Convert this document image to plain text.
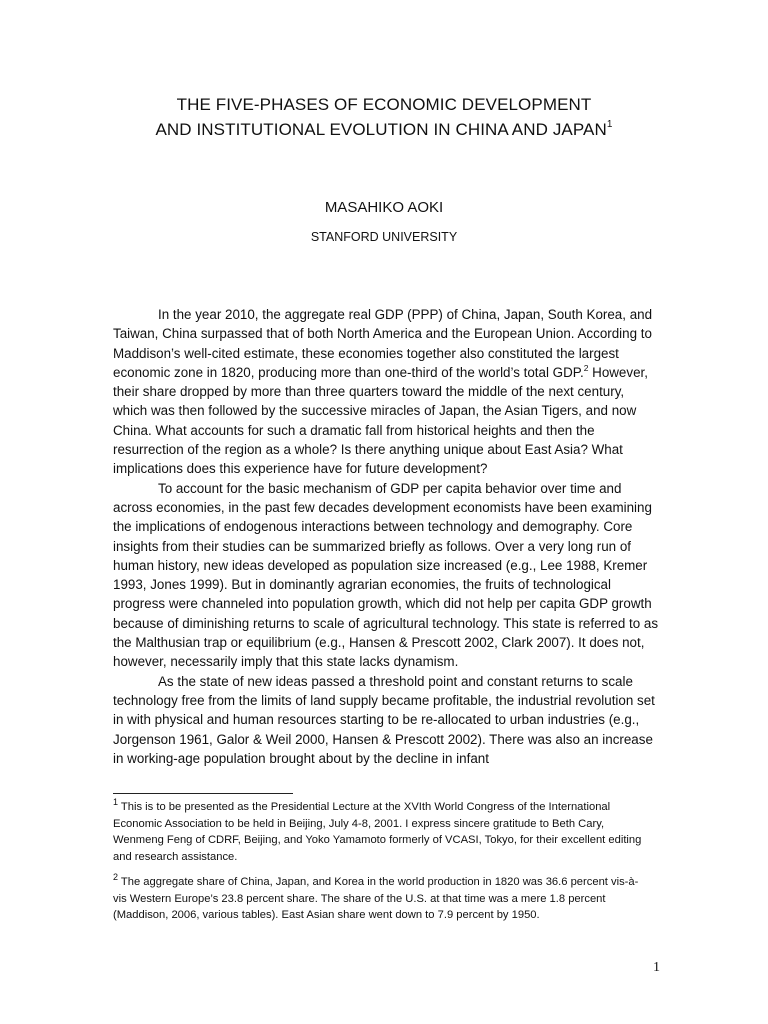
THE FIVE-PHASES OF ECONOMIC DEVELOPMENT
AND INSTITUTIONAL EVOLUTION IN CHINA AND JAPAN$^1$
MASAHIKO AOKI
STANFORD UNIVERSITY

In the year 2010, the aggregate real GDP (PPP) of China, Japan, South Korea, and Taiwan, China surpassed that of both North America and the European Union. According to Maddison’s well-cited estimate, these economies together also constituted the largest economic zone in 1820, producing more than one-third of the world’s total GDP.$^2$ However, their share dropped by more than three quarters toward the middle of the next century, which was then followed by the successive miracles of Japan, the Asian Tigers, and now China. What accounts for such a dramatic fall from historical heights and then the resurrection of the region as a whole? Is there anything unique about East Asia? What implications does this experience have for future development?

To account for the basic mechanism of GDP per capita behavior over time and across economies, in the past few decades development economists have been examining the implications of endogenous interactions between technology and demography. Core insights from their studies can be summarized briefly as follows. Over a very long run of human history, new ideas developed as population size increased (e.g., Lee 1988, Kremer 1993, Jones 1999). But in dominantly agrarian economies, the fruits of technological progress were channeled into population growth, which did not help per capita GDP growth because of diminishing returns to scale of agricultural technology. This state is referred to as the Malthusian trap or equilibrium (e.g., Hansen & Prescott 2002, Clark 2007). It does not, however, necessarily imply that this state lacks dynamism.

As the state of new ideas passed a threshold point and constant returns to scale technology free from the limits of land supply became profitable, the industrial revolution set in with physical and human resources starting to be re-allocated to urban industries (e.g., Jorgenson 1961, Galor & Weil 2000, Hansen & Prescott 2002). There was also an increase in working-age population brought about by the decline in infant

$^1$ This is to be presented as the Presidential Lecture at the XVIth World Congress of the International Economic Association to be held in Beijing, July 4-8, 2001. I express sincere gratitude to Beth Cary, Wenmeng Feng of CDRF, Beijing, and Yoko Yamamoto formerly of VCASI, Tokyo, for their excellent editing and research assistance.
$^2$ The aggregate share of China, Japan, and Korea in the world production in 1820 was 36.6 percent vis-à-vis Western Europe’s 23.8 percent share. The share of the U.S. at that time was a mere 1.8 percent (Maddison, 2006, various tables). East Asian share went down to 7.9 percent by 1950.
1
